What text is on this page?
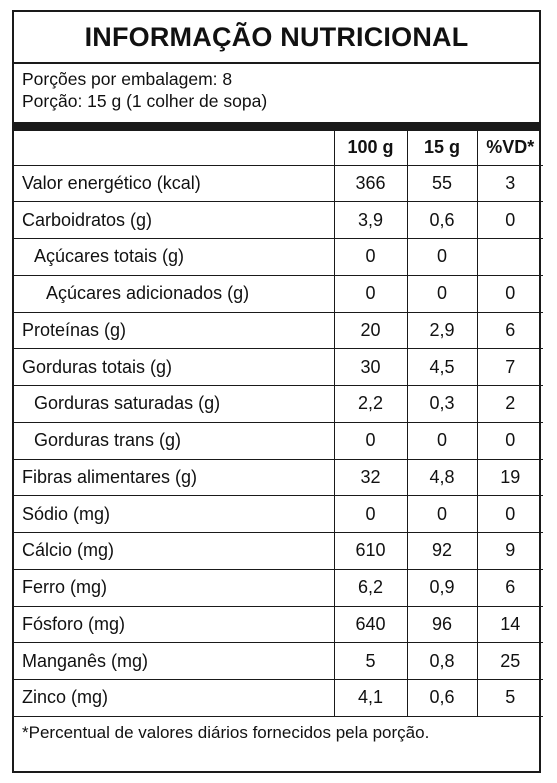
INFORMAÇÃO NUTRICIONAL
Porções por embalagem: 8
Porção: 15 g (1 colher de sopa)
	100 g	15 g	%VD*
Valor energético (kcal)	366	55	3
Carboidratos (g)	3,9	0,6	0
Açúcares totais (g)	0	0	
Açúcares adicionados (g)	0	0	0
Proteínas (g)	20	2,9	6
Gorduras totais (g)	30	4,5	7
Gorduras saturadas (g)	2,2	0,3	2
Gorduras trans (g)	0	0	0
Fibras alimentares (g)	32	4,8	19
Sódio (mg)	0	0	0
Cálcio (mg)	610	92	9
Ferro (mg)	6,2	0,9	6
Fósforo (mg)	640	96	14
Manganês (mg)	5	0,8	25
Zinco (mg)	4,1	0,6	5
*Percentual de valores diários fornecidos pela porção.
